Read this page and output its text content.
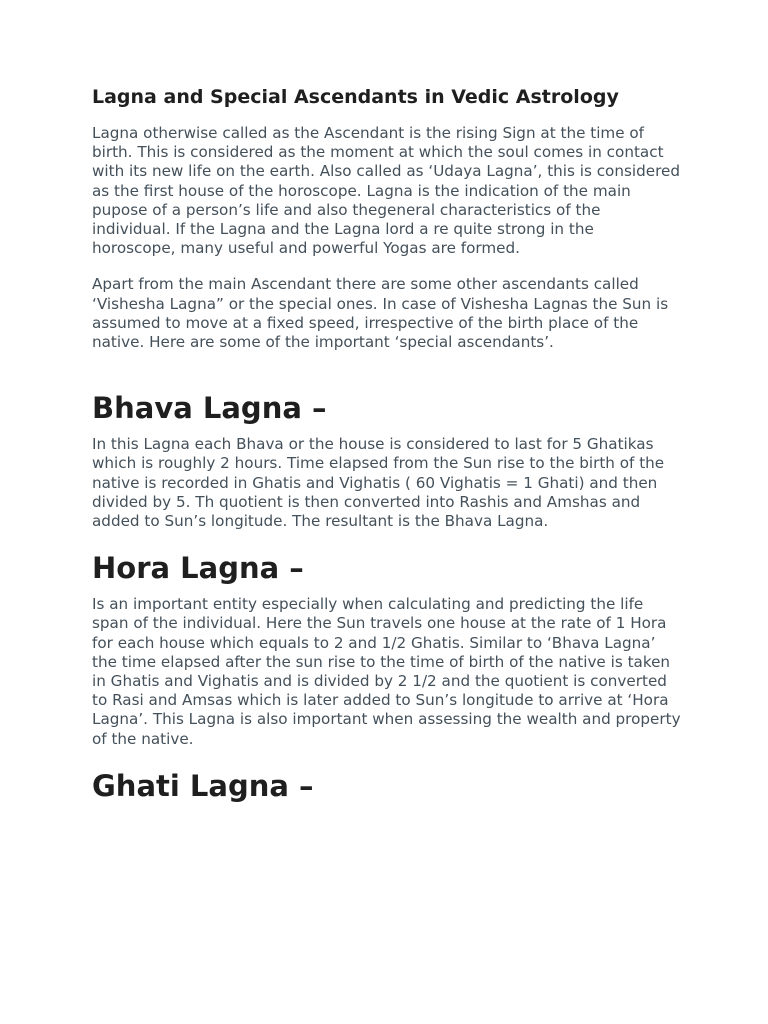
Lagna and Special Ascendants in Vedic Astrology

Lagna otherwise called as the Ascendant is the rising Sign at the time of birth. This is considered as the moment at which the soul comes in contact with its new life on the earth. Also called as ‘Udaya Lagna’, this is considered as the first house of the horoscope. Lagna is the indication of the main pupose of a person’s life and also thegeneral characteristics of the individual. If the Lagna and the Lagna lord a re quite strong in the horoscope, many useful and powerful Yogas are formed.

Apart from the main Ascendant there are some other ascendants called ‘Vishesha Lagna” or the special ones. In case of Vishesha Lagnas the Sun is assumed to move at a fixed speed, irrespective of the birth place of the native. Here are some of the important ‘special ascendants’.

Bhava Lagna –

In this Lagna each Bhava or the house is considered to last for 5 Ghatikas which is roughly 2 hours. Time elapsed from the Sun rise to the birth of the native is recorded in Ghatis and Vighatis ( 60 Vighatis = 1 Ghati) and then divided by 5. Th quotient is then converted into Rashis and Amshas and added to Sun’s longitude. The resultant is the Bhava Lagna.

Hora Lagna –

Is an important entity especially when calculating and predicting the life span of the individual. Here the Sun travels one house at the rate of 1 Hora for each house which equals to 2 and 1/2 Ghatis. Similar to ‘Bhava Lagna’ the time elapsed after the sun rise to the time of birth of the native is taken in Ghatis and Vighatis and is divided by 2 1/2 and the quotient is converted to Rasi and Amsas which is later added to Sun’s longitude to arrive at ‘Hora Lagna’. This Lagna is also important when assessing the wealth and property of the native.

Ghati Lagna –
